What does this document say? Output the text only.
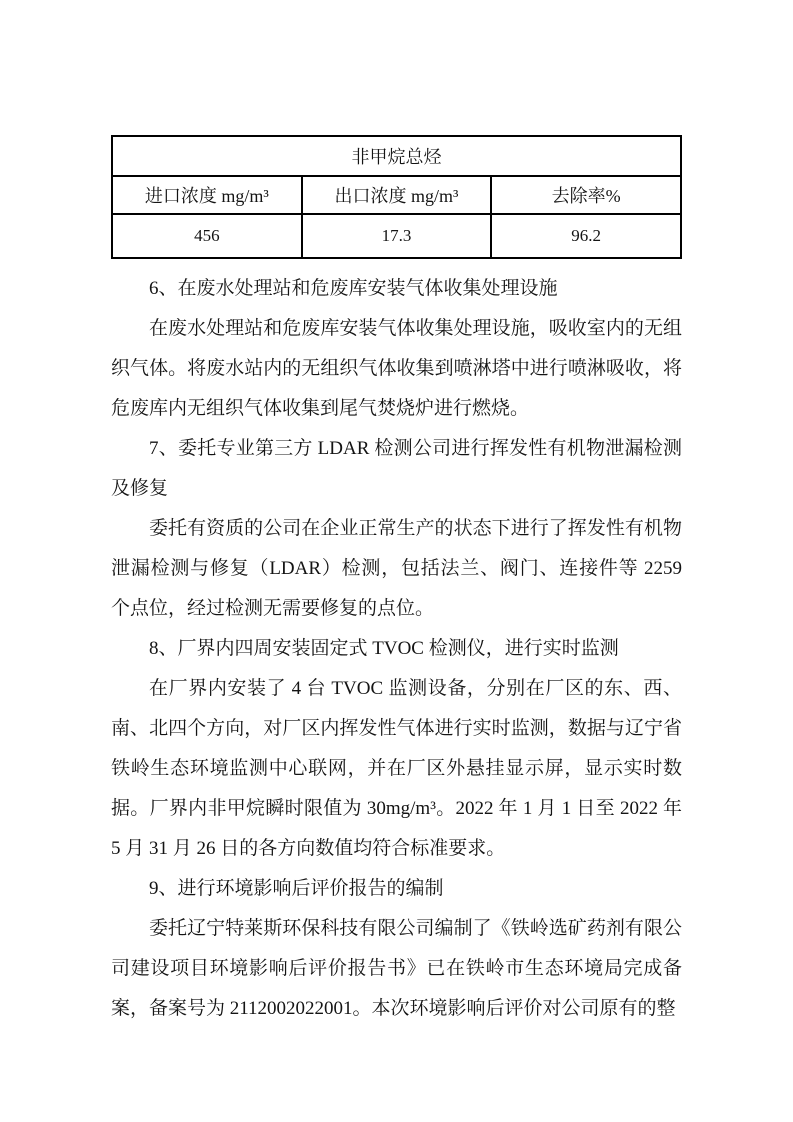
非甲烷总烃		
进口浓度 mg/m³	出口浓度 mg/m³	去除率%
456	17.3	96.2

6、在废水处理站和危废库安装气体收集处理设施

在废水处理站和危废库安装气体收集处理设施，吸收室内的无组织气体。将废水站内的无组织气体收集到喷淋塔中进行喷淋吸收，将危废库内无组织气体收集到尾气焚烧炉进行燃烧。

7、委托专业第三方 LDAR 检测公司进行挥发性有机物泄漏检测及修复

委托有资质的公司在企业正常生产的状态下进行了挥发性有机物泄漏检测与修复（LDAR）检测，包括法兰、阀门、连接件等 2259 个点位，经过检测无需要修复的点位。

8、厂界内四周安装固定式 TVOC 检测仪，进行实时监测

在厂界内安装了 4 台 TVOC 监测设备，分别在厂区的东、西、南、北四个方向，对厂区内挥发性气体进行实时监测，数据与辽宁省铁岭生态环境监测中心联网，并在厂区外悬挂显示屏，显示实时数据。厂界内非甲烷瞬时限值为 30mg/m³。2022 年 1 月 1 日至 2022 年 5 月 31 月 26 日的各方向数值均符合标准要求。

9、进行环境影响后评价报告的编制

委托辽宁特莱斯环保科技有限公司编制了《铁岭选矿药剂有限公司建设项目环境影响后评价报告书》已在铁岭市生态环境局完成备案，备案号为 2112002022001。本次环境影响后评价对公司原有的整
